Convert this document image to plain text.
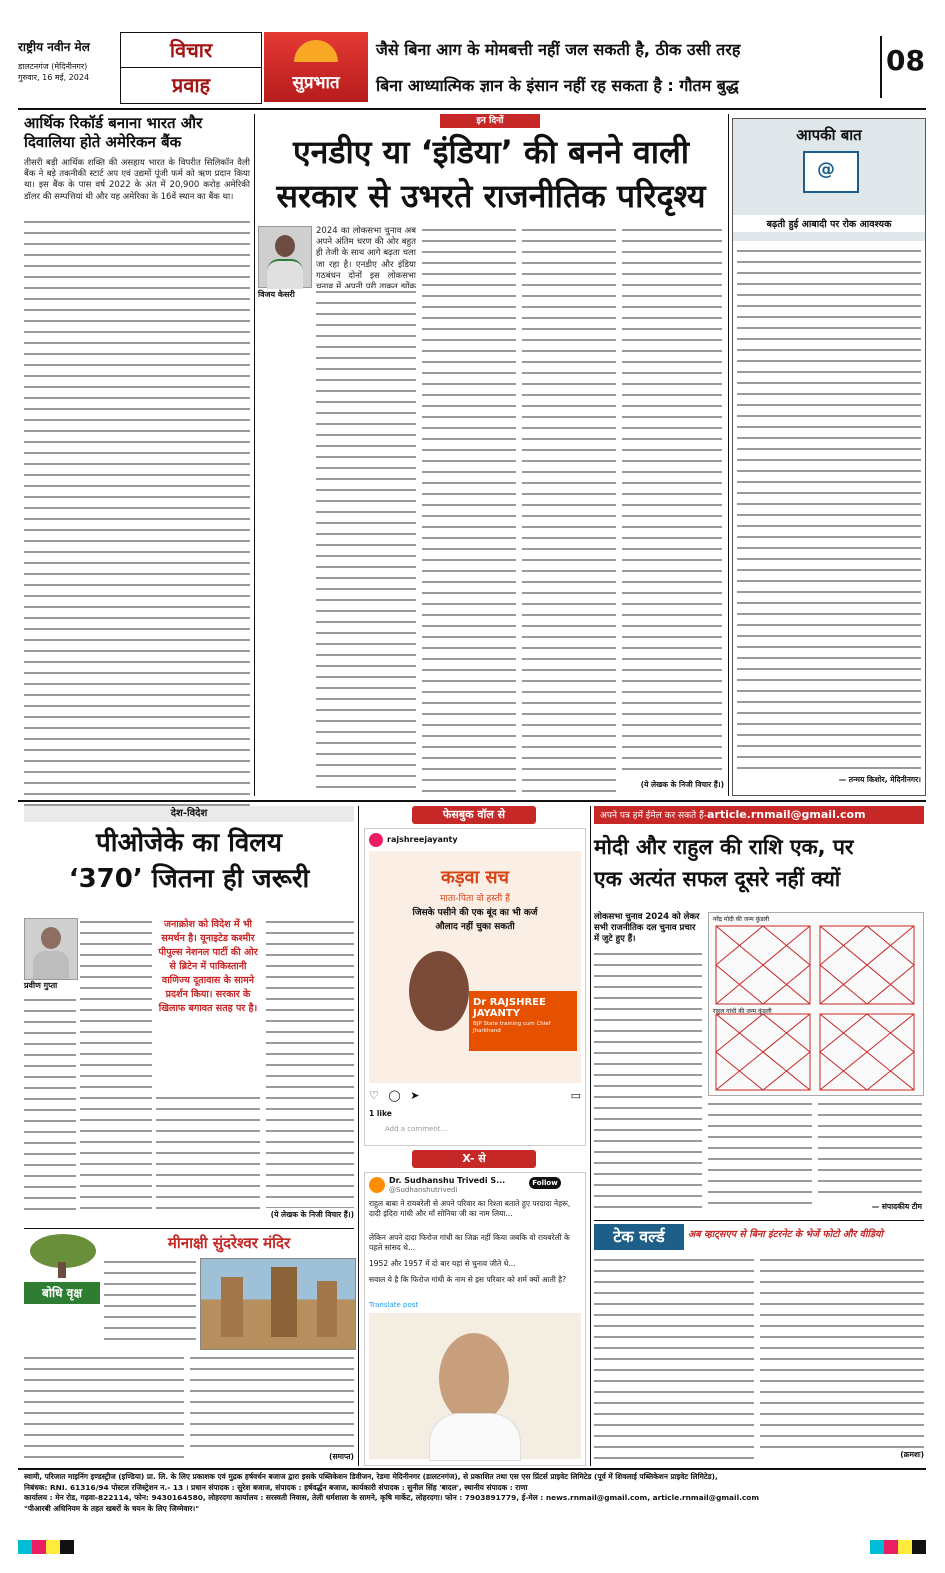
राष्ट्रीय नवीन मेल
डालटनगंज (मेदिनीनगर)
गुरुवार, 16 मई, 2024
विचार
प्रवाह	सुप्रभात
जैसे बिना आग के मोमबत्ती नहीं जल सकती है, ठीक उसी तरह
बिना आध्यात्मिक ज्ञान के इंसान नहीं रह सकता है : गौतम बुद्ध
08
आर्थिक रिकॉर्ड बनाना भारत और
दिवालिया होते अमेरिकन बैंक
तीसरी बड़ी आर्थिक शक्ति की असहाय भारत के विपरीत सिलिकॉन वैली बैंक ने बड़े तकनीकी स्टार्ट अप एवं उद्यमों पूंजी फर्म को ऋण प्रदान किया था। इस बैंक के पास वर्ष 2022 के अंत में 20,900 करोड़ अमेरिकी डॉलर की सम्पत्तियां थी और यह अमेरिका के 16वें स्थान का बैंक था।
इन दिनों
एनडीए या ‘इंडिया’ की बनने वाली
सरकार से उभरते राजनीतिक परिदृश्य
विजय केसरी
2024 का लोकसभा चुनाव अब अपने अंतिम चरण की ओर बहुत ही तेजी के साथ आगे बढ़ता चला जा रहा है। एनडीए और इंडिया गठबंधन दोनों इस लोकसभा
(ये लेखक के निजी विचार हैं।)
आपकी बात
@
बढ़ती हुई आबादी पर रोक आवश्यक
— तन्मय किशोर, मेदिनीनगर।
देश-विदेश
पीओजेके का विलय
‘370’ जितना ही जरूरी
प्रवीण गुप्ता
जनाक्रोश को विदेश में भी समर्थन है। यूनाइटेड कश्मीर पीपुल्स नेशनल पार्टी की ओर से ब्रिटेन में पाकिस्तानी वाणिज्य दूतावास के सामने प्रदर्शन किया। सरकार के खिलाफ बगावत सतह पर है।
(ये लेखक के निजी विचार हैं।)
बोधि वृक्ष
मीनाक्षी सुंदरेश्वर मंदिर
(समाप्त)
फेसबुक वॉल से
rajshreejayanty
कड़वा सच
माता-पिता वो हस्ती हैं
जिसके पसीने की एक बूंद का भी कर्ज
औलाद नहीं चुका सकती
Dr RAJSHREE
JAYANTY
BJP State training cum Chief Jharkhand
♡ ◯ ➤	▭
1 like
Add a comment...
X- से
Dr. Sudhanshu Trivedi S...
@Sudhanshutrivedi
Follow
राहुल बाबा ने रायबरेली से अपने परिवार का रिश्ता बताते हुए परदादा नेहरू, दादी इंदिरा गांधी और माँ सोनिया जी का नाम लिया...
लेकिन अपने दादा फिरोज गांधी का जिक्र नहीं किया जबकि वो रायबरेली के पहले सांसद थे...
1952 और 1957 में दो बार यहां से चुनाव जीते थे...
सवाल ये है कि फिरोज गांधी के नाम से इस परिवार को शर्म क्यों आती है?
Translate post
अपने पत्र हमें ईमेल कर सकते हैं-article.rnmail@gmail.com
मोदी और राहुल की राशि एक, पर
एक अत्यंत सफल दूसरे नहीं क्यों
लोकसभा चुनाव 2024 को लेकर सभी राजनीतिक दल चुनाव प्रचार में जुटे हुए हैं।
नरेंद्र मोदी की जन्म कुंडली
राहुल गांधी की जन्म कुंडली
— संपादकीय टीम
टेक वर्ल्ड	अब व्हाट्सएप से बिना इंटरनेट के भेजें फोटो और वीडियो
(क्रमशः)
स्वामी, परिजात माइनिंग इण्डस्ट्रीज (इण्डिया) प्रा. लि. के लिए प्रकाशक एवं मुद्रक हर्षवर्धन बजाज द्वारा इसके पब्लिकेशन डिवीजन, रेडमा मेदिनीनगर (डालटनगंज), से प्रकाशित तथा एस एस प्रिंटर्स प्राइवेट लिमिटेड (पूर्व में शिवलाई पब्लिकेशन प्राइवेट लिमिटेड),
निबंधक: RNI. 61316/94 पोस्टल रजिस्ट्रेशन न.- 13 । प्रधान संपादक : सुरेश बजाज, संपादक : हर्षवर्द्धन बजाज, कार्यकारी संपादक : सुनील सिंह 'बादल', स्थानीय संपादक : राणा
कार्यालय : मेन रोड, गढ़वा-822114, फोन: 9430164580, लोहरदगा कार्यालय : सरस्वती निवास, तेली धर्मशाला के सामने, कृषि मार्केट, लोहरदगा। फोन : 7903891779, ई-मेल : news.rnmail@gmail.com, article.rnmail@gmail.com
"पीआरबी अधिनियम के तहत खबरों के चयन के लिए जिम्मेवार।"
